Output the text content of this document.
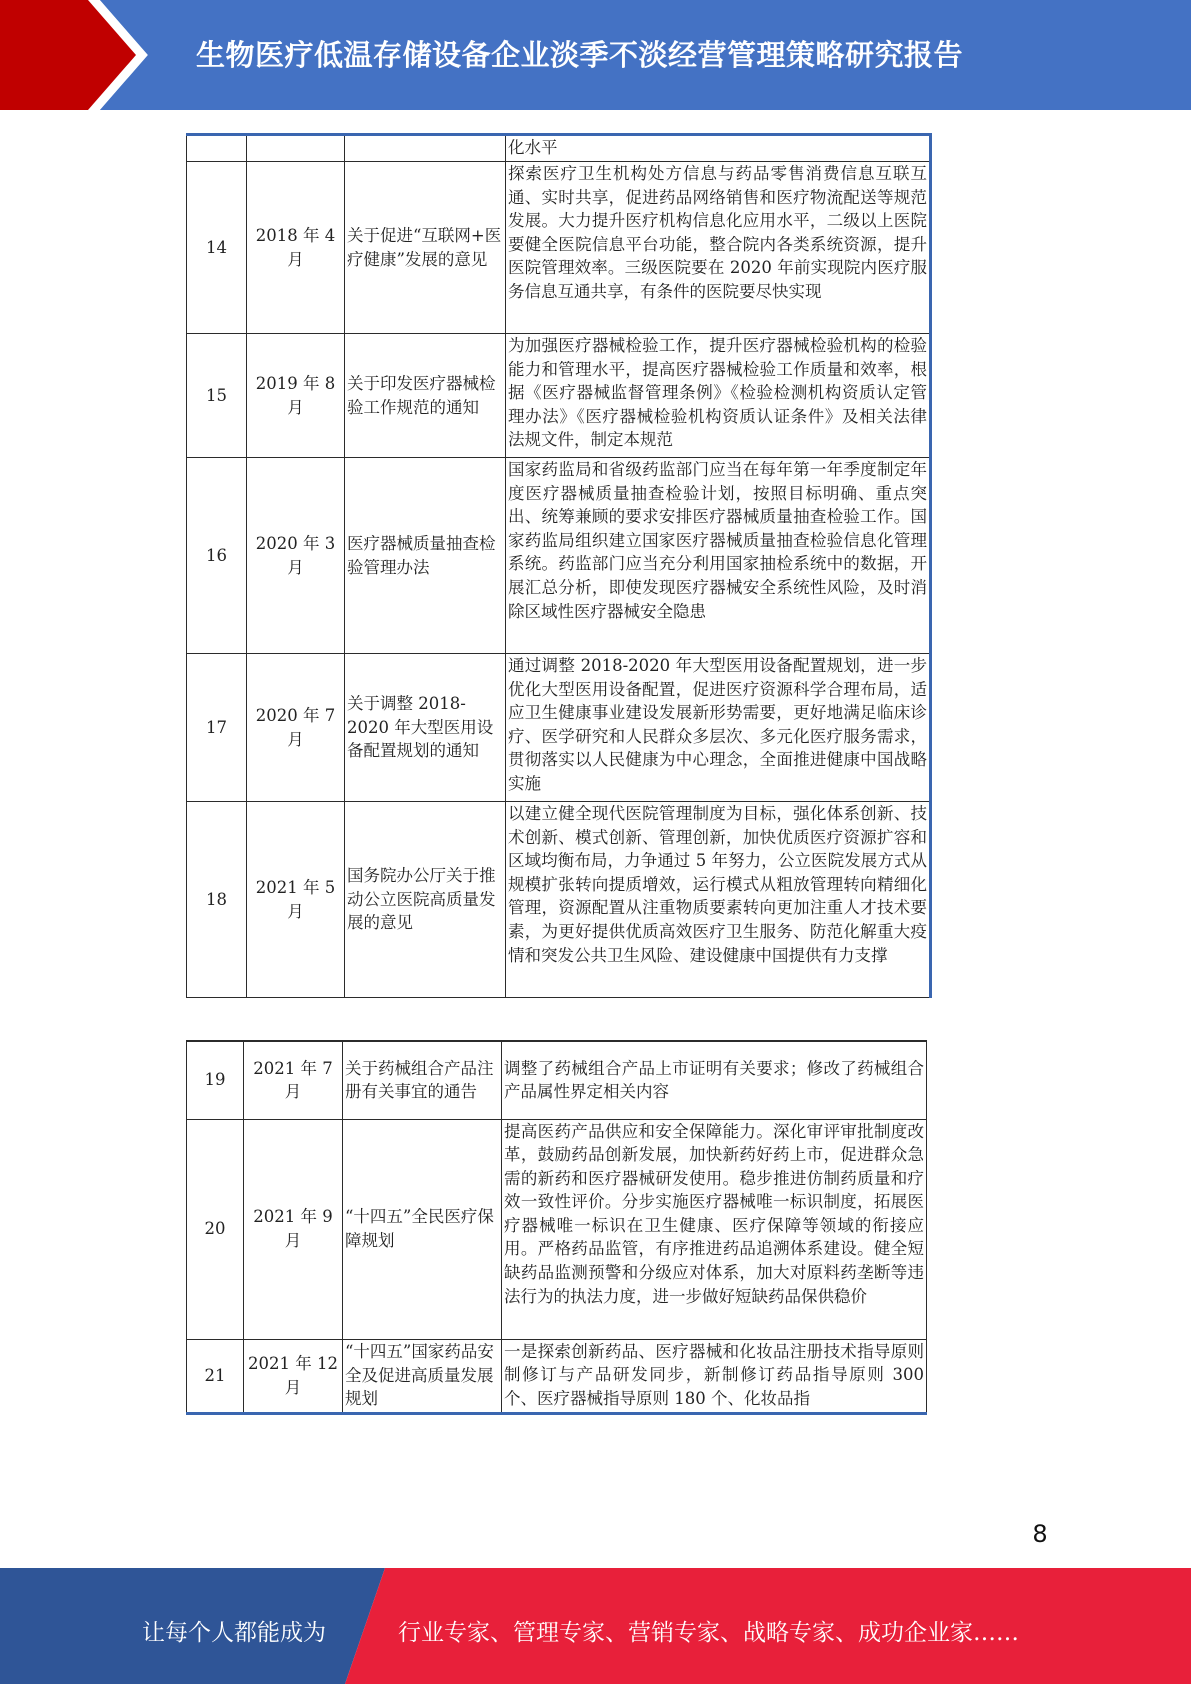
生物医疗低温存储设备企业淡季不淡经营管理策略研究报告
			化水平
14	2018 年 4 月	关于促进“互联网+医疗健康”发展的意见	探索医疗卫生机构处方信息与药品零售消费信息互联互通、实时共享，促进药品网络销售和医疗物流配送等规范发展。大力提升医疗机构信息化应用水平，二级以上医院要健全医院信息平台功能，整合院内各类系统资源，提升医院管理效率。三级医院要在 2020 年前实现院内医疗服务信息互通共享，有条件的医院要尽快实现
15	2019 年 8 月	关于印发医疗器械检验工作规范的通知	为加强医疗器械检验工作，提升医疗器械检验机构的检验能力和管理水平，提高医疗器械检验工作质量和效率，根据《医疗器械监督管理条例》《检验检测机构资质认定管理办法》《医疗器械检验机构资质认证条件》及相关法律法规文件，制定本规范
16	2020 年 3 月	医疗器械质量抽查检验管理办法	国家药监局和省级药监部门应当在每年第一年季度制定年度医疗器械质量抽查检验计划，按照目标明确、重点突出、统筹兼顾的要求安排医疗器械质量抽查检验工作。国家药监局组织建立国家医疗器械质量抽查检验信息化管理系统。药监部门应当充分利用国家抽检系统中的数据，开展汇总分析，即使发现医疗器械安全系统性风险，及时消除区域性医疗器械安全隐患
17	2020 年 7 月	关于调整 2018-2020 年大型医用设备配置规划的通知	通过调整 2018-2020 年大型医用设备配置规划，进一步优化大型医用设备配置，促进医疗资源科学合理布局，适应卫生健康事业建设发展新形势需要，更好地满足临床诊疗、医学研究和人民群众多层次、多元化医疗服务需求，贯彻落实以人民健康为中心理念，全面推进健康中国战略实施
18	2021 年 5 月	国务院办公厅关于推动公立医院高质量发展的意见	以建立健全现代医院管理制度为目标，强化体系创新、技术创新、模式创新、管理创新，加快优质医疗资源扩容和区域均衡布局，力争通过 5 年努力，公立医院发展方式从规模扩张转向提质增效，运行模式从粗放管理转向精细化管理，资源配置从注重物质要素转向更加注重人才技术要素，为更好提供优质高效医疗卫生服务、防范化解重大疫情和突发公共卫生风险、建设健康中国提供有力支撑
19	2021 年 7 月	关于药械组合产品注册有关事宜的通告	调整了药械组合产品上市证明有关要求；修改了药械组合产品属性界定相关内容
20	2021 年 9 月	“十四五”全民医疗保障规划	提高医药产品供应和安全保障能力。深化审评审批制度改革，鼓励药品创新发展，加快新药好药上市，促进群众急需的新药和医疗器械研发使用。稳步推进仿制药质量和疗效一致性评价。分步实施医疗器械唯一标识制度，拓展医疗器械唯一标识在卫生健康、医疗保障等领域的衔接应用。严格药品监管，有序推进药品追溯体系建设。健全短缺药品监测预警和分级应对体系，加大对原料药垄断等违法行为的执法力度，进一步做好短缺药品保供稳价
21	2021 年 12 月	“十四五”国家药品安全及促进高质量发展规划	一是探索创新药品、医疗器械和化妆品注册技术指导原则制修订与产品研发同步，新制修订药品指导原则 300 个、医疗器械指导原则 180 个、化妆品指
8
让每个人都能成为	行业专家、管理专家、营销专家、战略专家、成功企业家……
